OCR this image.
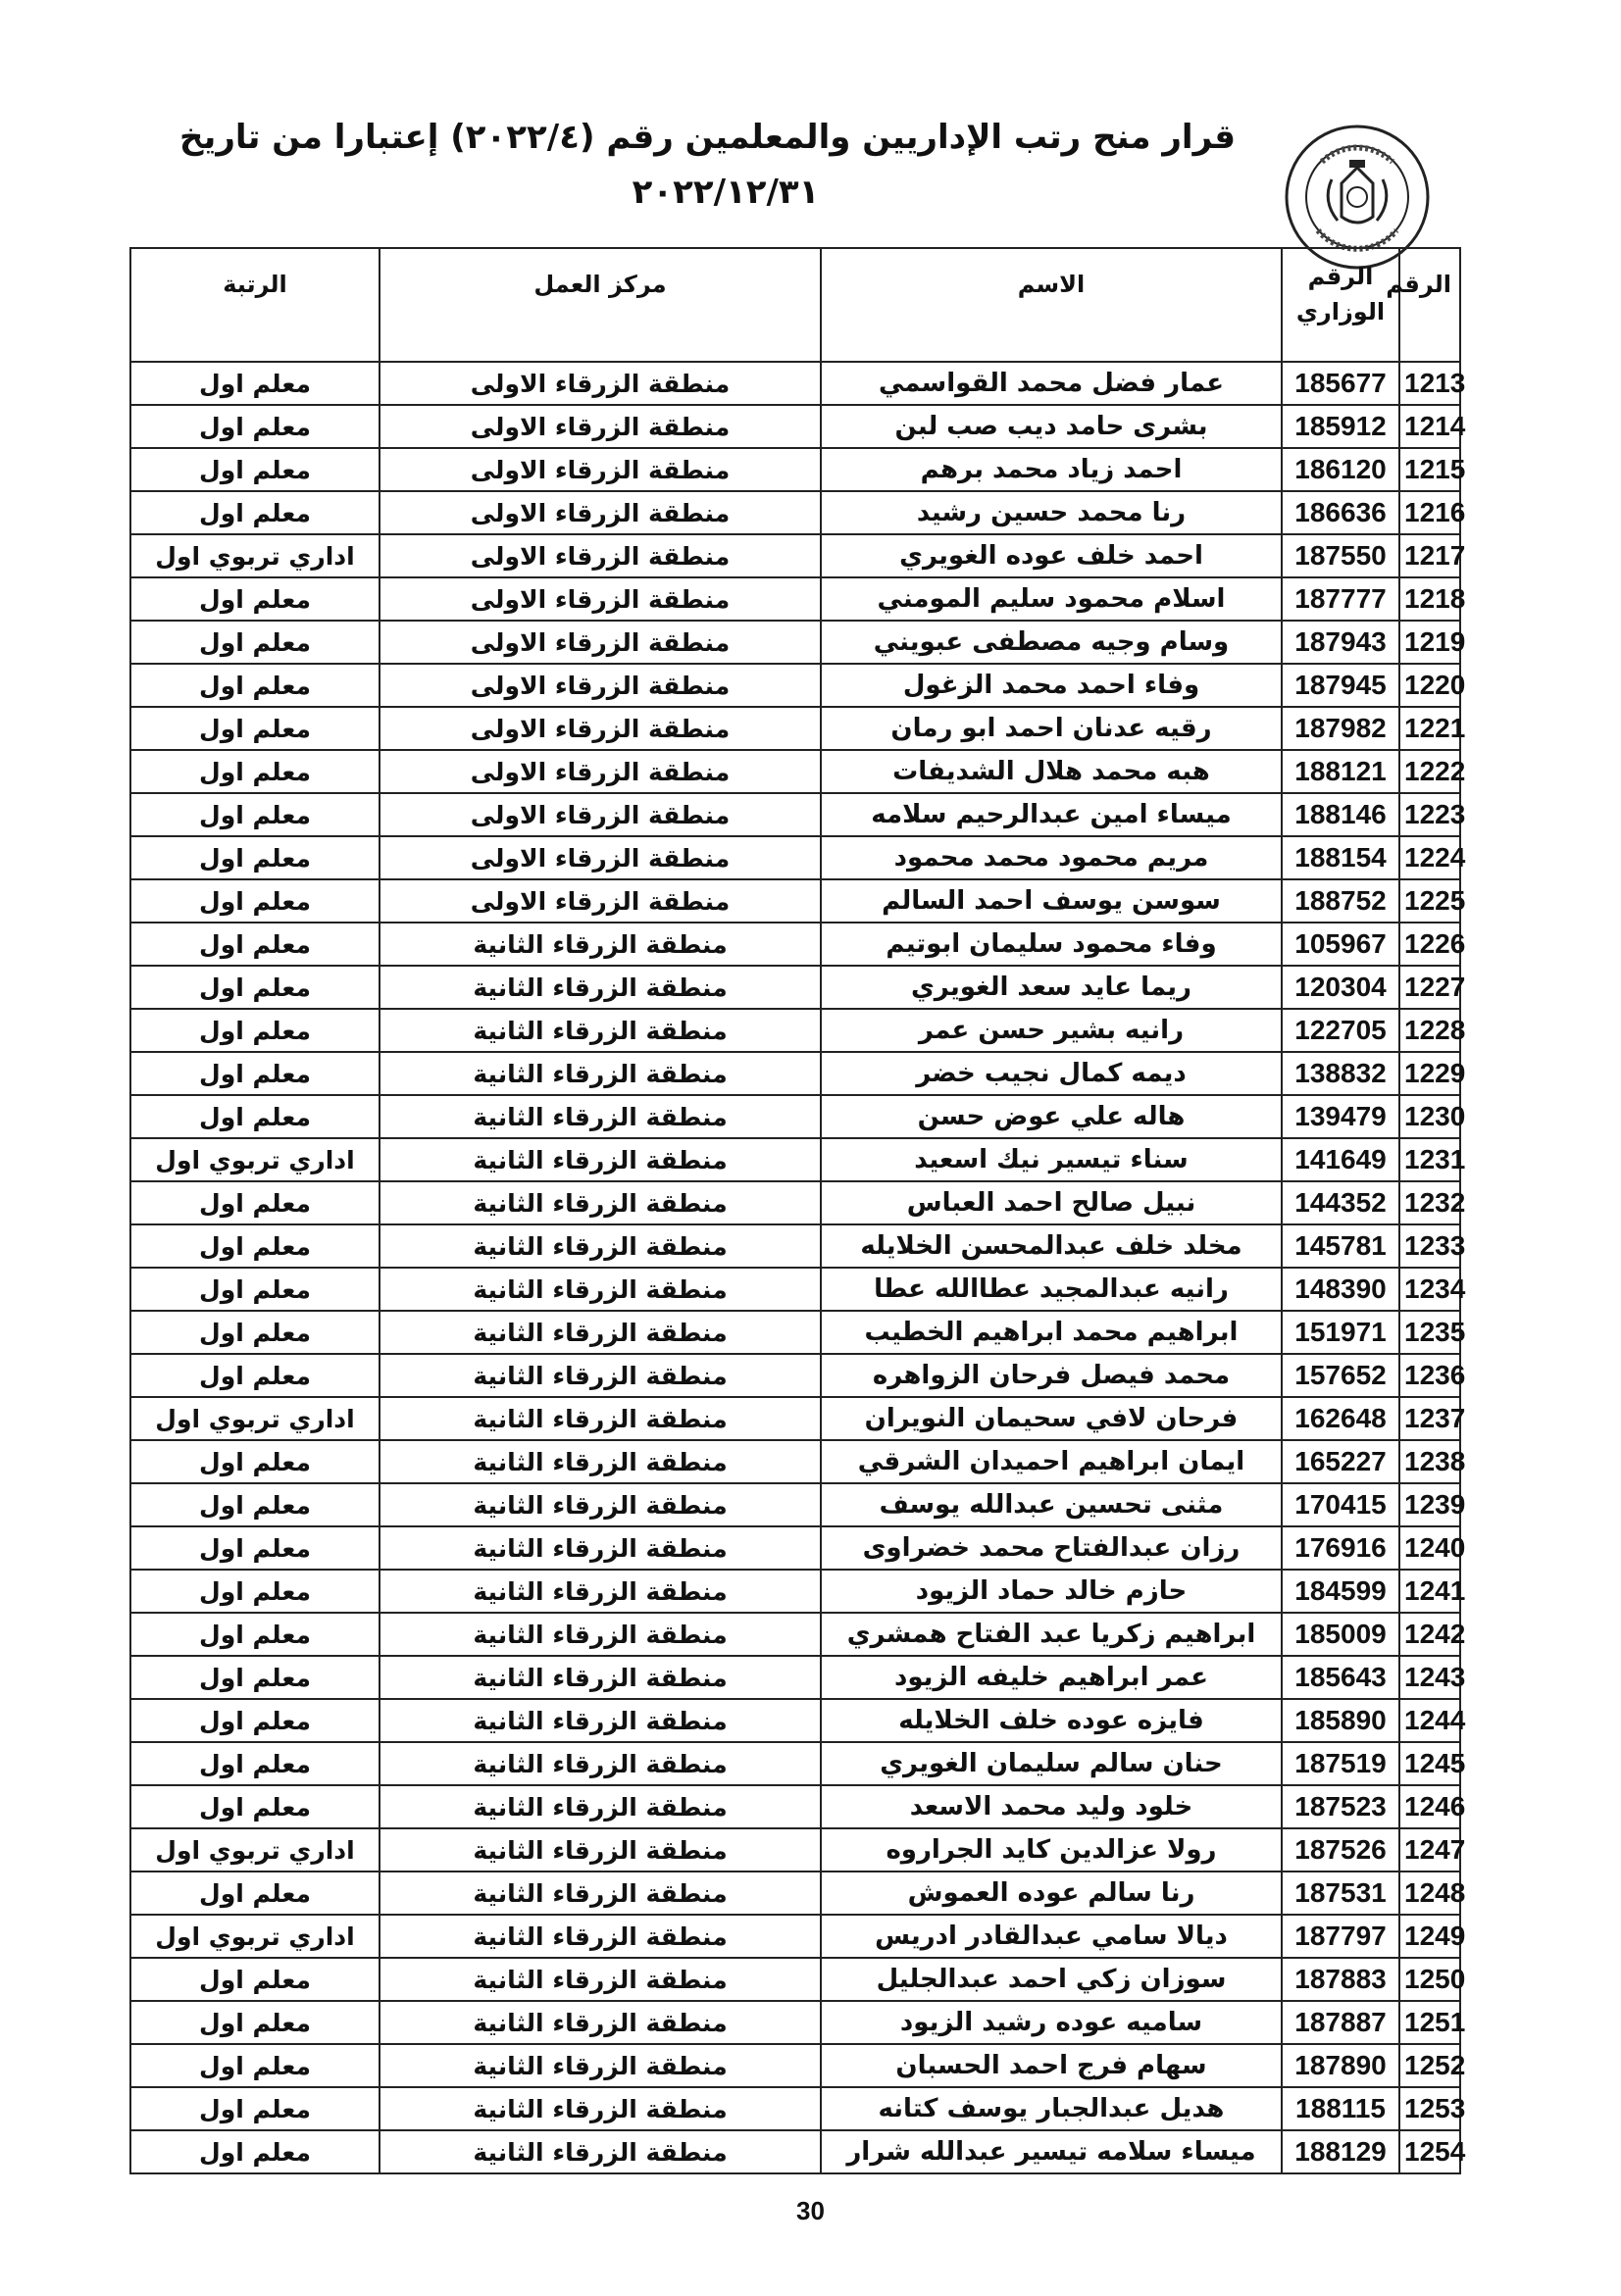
قرار منح رتب الإداريين والمعلمين رقم (٢٠٢٢/٤) إعتبارا من تاريخ
٢٠٢٢/١٢/٣١
الرقم	الرقم الوزاري	الاسم	مركز العمل	الرتبة
1213	185677	عمار فضل محمد القواسمي	منطقة الزرقاء الاولى	معلم اول
1214	185912	بشرى حامد ديب صب لبن	منطقة الزرقاء الاولى	معلم اول
1215	186120	احمد زياد محمد برهم	منطقة الزرقاء الاولى	معلم اول
1216	186636	رنا محمد حسين رشيد	منطقة الزرقاء الاولى	معلم اول
1217	187550	احمد خلف عوده الغويري	منطقة الزرقاء الاولى	اداري تربوي اول
1218	187777	اسلام محمود سليم المومني	منطقة الزرقاء الاولى	معلم اول
1219	187943	وسام وجيه مصطفى عبويني	منطقة الزرقاء الاولى	معلم اول
1220	187945	وفاء احمد محمد الزغول	منطقة الزرقاء الاولى	معلم اول
1221	187982	رقيه عدنان احمد ابو رمان	منطقة الزرقاء الاولى	معلم اول
1222	188121	هبه محمد هلال الشديفات	منطقة الزرقاء الاولى	معلم اول
1223	188146	ميساء امين عبدالرحيم سلامه	منطقة الزرقاء الاولى	معلم اول
1224	188154	مريم محمود محمد محمود	منطقة الزرقاء الاولى	معلم اول
1225	188752	سوسن يوسف احمد السالم	منطقة الزرقاء الاولى	معلم اول
1226	105967	وفاء محمود سليمان ابوتيم	منطقة الزرقاء الثانية	معلم اول
1227	120304	ريما عايد سعد الغويري	منطقة الزرقاء الثانية	معلم اول
1228	122705	رانيه بشير حسن عمر	منطقة الزرقاء الثانية	معلم اول
1229	138832	ديمه كمال نجيب خضر	منطقة الزرقاء الثانية	معلم اول
1230	139479	هاله علي عوض حسن	منطقة الزرقاء الثانية	معلم اول
1231	141649	سناء تيسير نيك اسعيد	منطقة الزرقاء الثانية	اداري تربوي اول
1232	144352	نبيل صالح احمد العباس	منطقة الزرقاء الثانية	معلم اول
1233	145781	مخلد خلف عبدالمحسن الخلايله	منطقة الزرقاء الثانية	معلم اول
1234	148390	رانيه عبدالمجيد عطاالله عطا	منطقة الزرقاء الثانية	معلم اول
1235	151971	ابراهيم محمد ابراهيم الخطيب	منطقة الزرقاء الثانية	معلم اول
1236	157652	محمد فيصل فرحان الزواهره	منطقة الزرقاء الثانية	معلم اول
1237	162648	فرحان لافي سحيمان النويران	منطقة الزرقاء الثانية	اداري تربوي اول
1238	165227	ايمان ابراهيم احميدان الشرقي	منطقة الزرقاء الثانية	معلم اول
1239	170415	مثنى تحسين عبدالله يوسف	منطقة الزرقاء الثانية	معلم اول
1240	176916	رزان عبدالفتاح محمد خضراوى	منطقة الزرقاء الثانية	معلم اول
1241	184599	حازم خالد حماد الزيود	منطقة الزرقاء الثانية	معلم اول
1242	185009	ابراهيم زكريا عبد الفتاح همشري	منطقة الزرقاء الثانية	معلم اول
1243	185643	عمر ابراهيم خليفه الزيود	منطقة الزرقاء الثانية	معلم اول
1244	185890	فايزه عوده خلف الخلايله	منطقة الزرقاء الثانية	معلم اول
1245	187519	حنان سالم سليمان الغويري	منطقة الزرقاء الثانية	معلم اول
1246	187523	خلود وليد محمد الاسعد	منطقة الزرقاء الثانية	معلم اول
1247	187526	رولا عزالدين كايد الجراروه	منطقة الزرقاء الثانية	اداري تربوي اول
1248	187531	رنا سالم عوده العموش	منطقة الزرقاء الثانية	معلم اول
1249	187797	ديالا سامي عبدالقادر ادريس	منطقة الزرقاء الثانية	اداري تربوي اول
1250	187883	سوزان زكي احمد عبدالجليل	منطقة الزرقاء الثانية	معلم اول
1251	187887	ساميه عوده رشيد الزيود	منطقة الزرقاء الثانية	معلم اول
1252	187890	سهام فرج احمد الحسبان	منطقة الزرقاء الثانية	معلم اول
1253	188115	هديل عبدالجبار يوسف كتانه	منطقة الزرقاء الثانية	معلم اول
1254	188129	ميساء سلامه تيسير عبدالله شرار	منطقة الزرقاء الثانية	معلم اول
30
